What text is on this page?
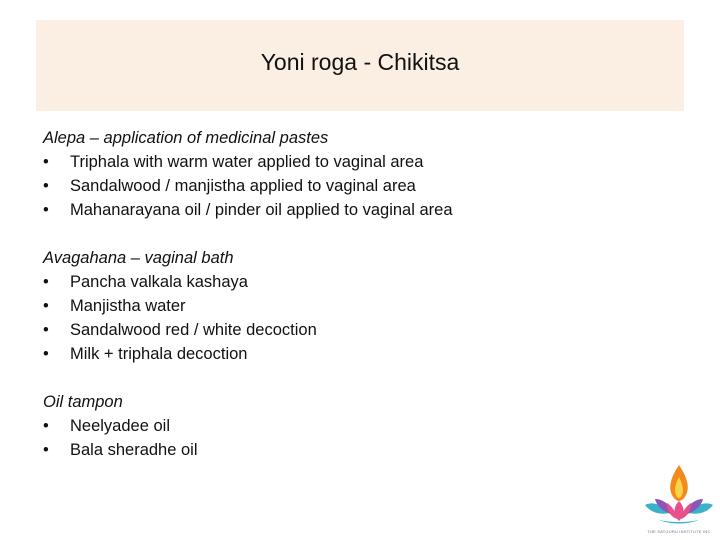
Yoni roga - Chikitsa
Alepa – application of medicinal pastes
•	Triphala with warm water applied to vaginal area
•	Sandalwood / manjistha applied to vaginal area
•	Mahanarayana oil / pinder oil applied to vaginal area
Avagahana – vaginal bath
•	Pancha valkala kashaya
•	Manjistha water
•	Sandalwood red / white decoction
•	Milk + triphala decoction
Oil tampon
•	Neelyadee oil
•	Bala sheradhe oil
THE SATGURU INSTITUTE INC
